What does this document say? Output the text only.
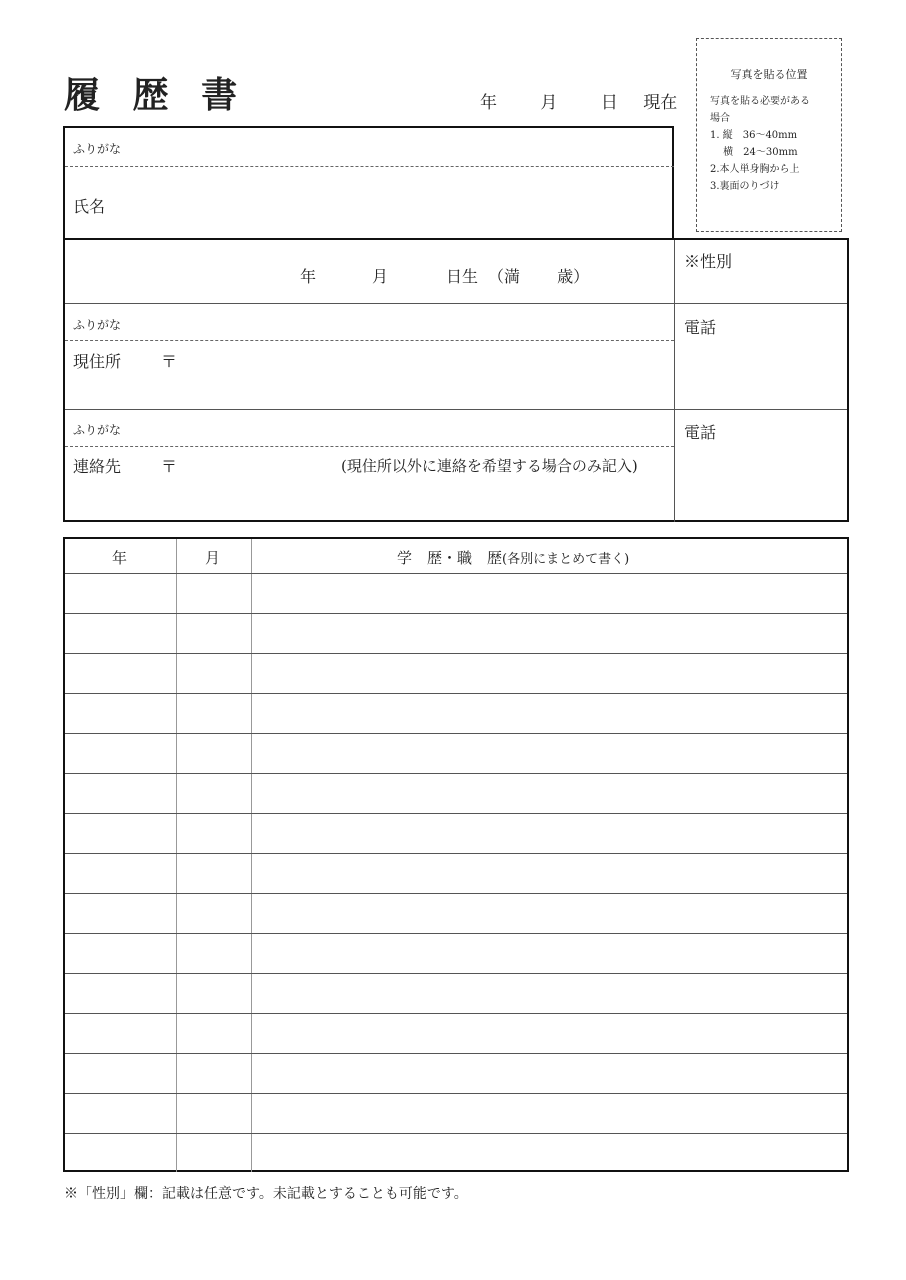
履 歴 書	年	月	日 現在
写真を貼る位置
写真を貼る必要がある
場合
1. 縦　36～40mm
　 横　24～30mm
2.本人単身胸から上
3.裏面のりづけ
ふりがな
氏名
年	月	日生 （満　　 歳）
※性別
ふりがな
現住所 〒
電話
ふりがな
連絡先 〒	(現住所以外に連絡を希望する場合のみ記入)
電話
年	月	学　歴・職　歴(各別にまとめて書く)
※「性別」欄：記載は任意です。未記載とすることも可能です。
